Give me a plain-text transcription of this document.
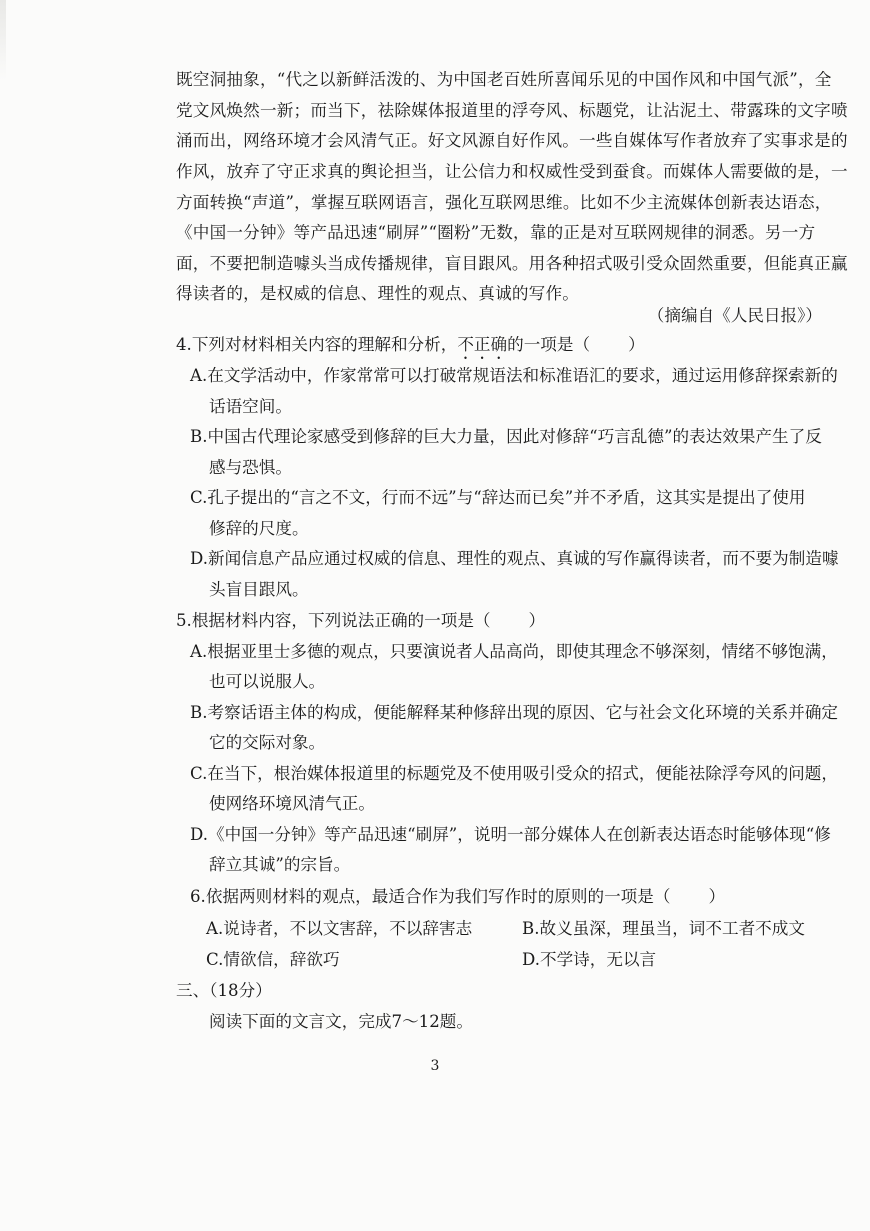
既空洞抽象，“代之以新鲜活泼的、为中国老百姓所喜闻乐见的中国作风和中国气派”，全
党文风焕然一新；而当下，祛除媒体报道里的浮夸风、标题党，让沾泥土、带露珠的文字喷
涌而出，网络环境才会风清气正。好文风源自好作风。一些自媒体写作者放弃了实事求是的
作风，放弃了守正求真的舆论担当，让公信力和权威性受到蚕食。而媒体人需要做的是，一
方面转换“声道”，掌握互联网语言，强化互联网思维。比如不少主流媒体创新表达语态，
《中国一分钟》等产品迅速“刷屏”“圈粉”无数，靠的正是对互联网规律的洞悉。另一方
面，不要把制造噱头当成传播规律，盲目跟风。用各种招式吸引受众固然重要，但能真正赢
得读者的，是权威的信息、理性的观点、真诚的写作。
（摘编自《人民日报》）
4.下列对材料相关内容的理解和分析，不正确的一项是（ ）
A.在文学活动中，作家常常可以打破常规语法和标准语汇的要求，通过运用修辞探索新的
话语空间。
B.中国古代理论家感受到修辞的巨大力量，因此对修辞“巧言乱德”的表达效果产生了反
感与恐惧。
C.孔子提出的“言之不文，行而不远”与“辞达而已矣”并不矛盾，这其实是提出了使用
修辞的尺度。
D.新闻信息产品应通过权威的信息、理性的观点、真诚的写作赢得读者，而不要为制造噱
头盲目跟风。
5.根据材料内容，下列说法正确的一项是（ ）
A.根据亚里士多德的观点，只要演说者人品高尚，即使其理念不够深刻，情绪不够饱满，
也可以说服人。
B.考察话语主体的构成，便能解释某种修辞出现的原因、它与社会文化环境的关系并确定
它的交际对象。
C.在当下，根治媒体报道里的标题党及不使用吸引受众的招式，便能祛除浮夸风的问题，
使网络环境风清气正。
D.《中国一分钟》等产品迅速“刷屏”，说明一部分媒体人在创新表达语态时能够体现“修
辞立其诚”的宗旨。
6.依据两则材料的观点，最适合作为我们写作时的原则的一项是（ ）
A.说诗者，不以文害辞，不以辞害志	B.故义虽深，理虽当，词不工者不成文
C.情欲信，辞欲巧	D.不学诗，无以言
三、（18分）
阅读下面的文言文，完成7～12题。
3
